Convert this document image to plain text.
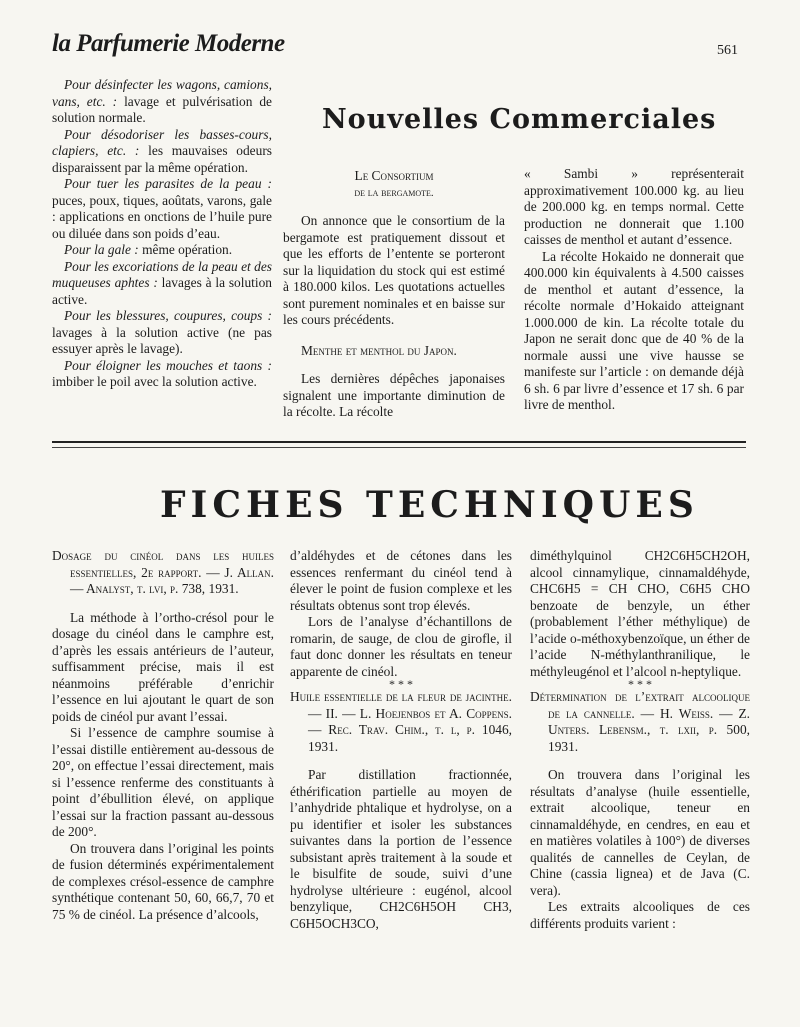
la Parfumerie Moderne	561

Pour désinfecter les wagons, camions, vans, etc. : lavage et pulvérisation de solution normale.

Pour désodoriser les basses-cours, clapiers, etc. : les mauvaises odeurs disparaissent par la même opération.

Pour tuer les parasites de la peau : puces, poux, tiques, aoûtats, varons, gale : applications en onctions de l’huile pure ou diluée dans son poids d’eau.

Pour la gale : même opération.

Pour les excoriations de la peau et des muqueuses aphtes : lavages à la solution active.

Pour les blessures, coupures, coups : lavages à la solution active (ne pas essuyer après le lavage).

Pour éloigner les mouches et taons : imbiber le poil avec la solution active.

Nouvelles Commerciales

Le Consortium

de la bergamote.

On annonce que le consortium de la bergamote est pratiquement dissout et que les efforts de l’entente se porteront sur la liquidation du stock qui est estimé à 180.000 kilos. Les quotations actuelles sont purement nominales et en baisse sur les cours précédents.

Menthe et menthol du Japon.

Les dernières dépêches japonaises signalent une importante diminution de la récolte. La récolte

« Sambi » représenterait approximativement 100.000 kg. au lieu de 200.000 kg. en temps normal. Cette production ne donnerait que 1.100 caisses de menthol et autant d’essence.

La récolte Hokaido ne donnerait que 400.000 kin équivalents à 4.500 caisses de menthol et autant d’essence, la récolte normale d’Hokaido atteignant 1.000.000 de kin. La récolte totale du Japon ne serait donc que de 40 % de la normale aussi une vive hausse se manifeste sur l’article : on demande déjà 6 sh. 6 par livre d’essence et 17 sh. 6 par livre de menthol.

FICHES TECHNIQUES

Dosage du cinéol dans les huiles essentielles, 2e rapport. — J. Allan. — Analyst, t. lvi, p. 738, 1931.

La méthode à l’ortho-crésol pour le dosage du cinéol dans le camphre est, d’après les essais antérieurs de l’auteur, suffisamment précise, mais il est néanmoins préférable d’enrichir l’essence en lui ajoutant le quart de son poids de cinéol pur avant l’essai.

Si l’essence de camphre soumise à l’essai distille entièrement au-dessous de 20°, on effectue l’essai directement, mais si l’essence renferme des constituants à point d’ébullition élevé, on applique l’essai sur la fraction passant au-dessous de 200°.

On trouvera dans l’original les points de fusion déterminés expérimentalement de complexes crésol-essence de camphre synthétique contenant 50, 60, 66,7, 70 et 75 % de cinéol. La présence d’alcools,

d’aldéhydes et de cétones dans les essences renfermant du cinéol tend à élever le point de fusion complexe et les résultats obtenus sont trop élevés.

Lors de l’analyse d’échantillons de romarin, de sauge, de clou de girofle, il faut donc donner les résultats en teneur apparente de cinéol.

* * *

Huile essentielle de la fleur de jacinthe. — II. — L. Hoejenbos et A. Coppens. — Rec. Trav. Chim., t. l, p. 1046, 1931.

Par distillation fractionnée, éthérification partielle au moyen de l’anhydride phtalique et hydrolyse, on a pu identifier et isoler les substances suivantes dans la portion de l’essence subsistant après traitement à la soude et le bisulfite de soude, suivi d’une hydrolyse ultérieure : eugénol, alcool benzylique, CH2C6H5OH CH3, C6H5OCH3CO,

diméthylquinol CH2C6H5CH2OH, alcool cinnamylique, cinnamaldéhyde, CHC6H5 = CH CHO, C6H5 CHO benzoate de benzyle, un éther (probablement l’éther méthylique) de l’acide o-méthoxybenzoïque, un éther de l’acide N-méthylanthranilique, le méthyleugénol et l’alcool n-heptylique.

* * *

Détermination de l’extrait alcoolique de la cannelle. — H. Weiss. — Z. Unters. Lebensm., t. lxii, p. 500, 1931.

On trouvera dans l’original les résultats d’analyse (huile essentielle, extrait alcoolique, teneur en cinnamaldéhyde, en cendres, en eau et en matières volatiles à 100°) de diverses qualités de cannelles de Ceylan, de Chine (cassia lignea) et de Java (C. vera).

Les extraits alcooliques de ces différents produits varient :
